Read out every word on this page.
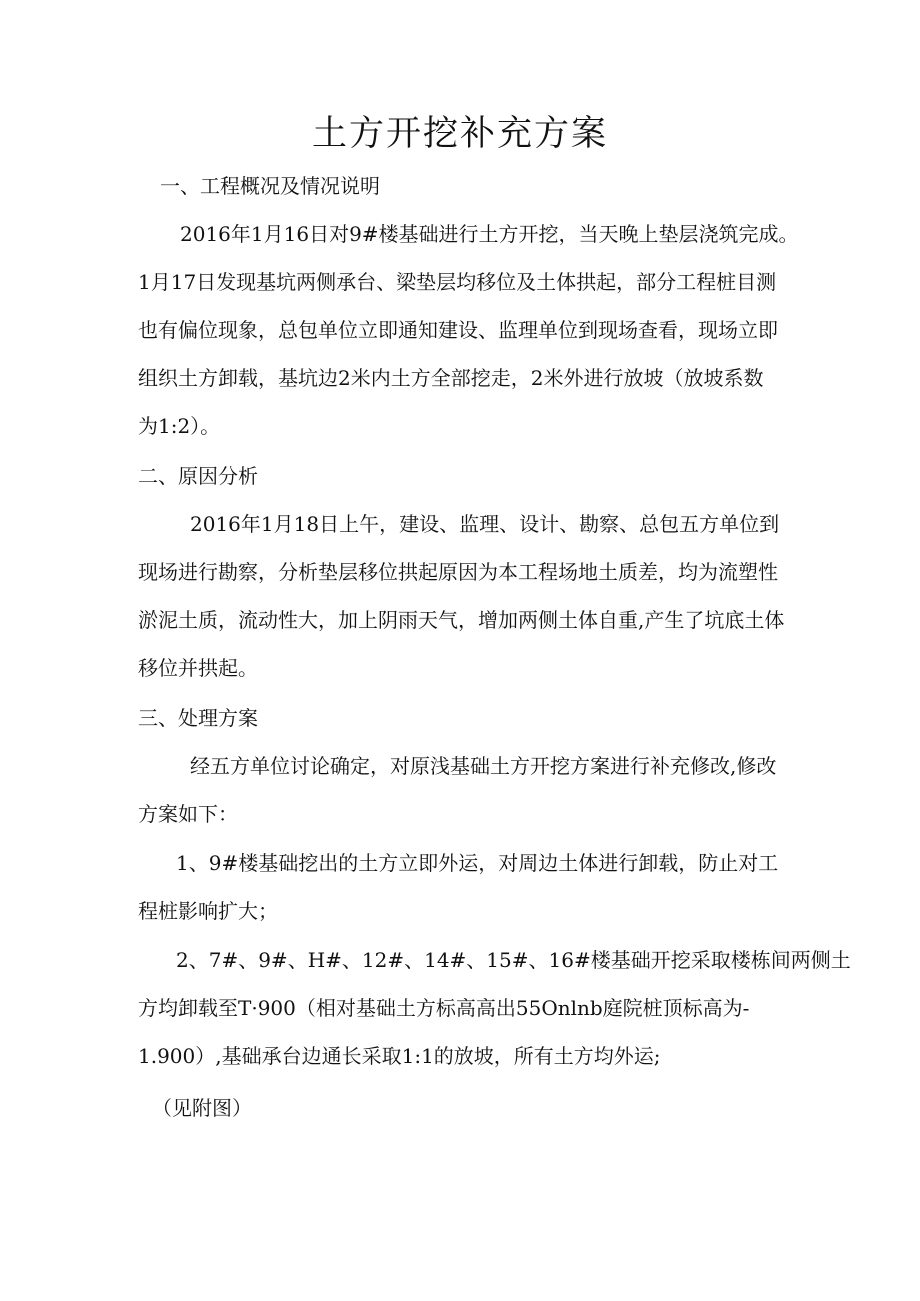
土方开挖补充方案
一、工程概况及情况说明
2016年1月16日对9#楼基础进行土方开挖，当天晚上垫层浇筑完成。
1月17日发现基坑两侧承台、梁垫层均移位及土体拱起，部分工程桩目测
也有偏位现象，总包单位立即通知建设、监理单位到现场查看，现场立即
组织土方卸载，基坑边2米内土方全部挖走，2米外进行放坡（放坡系数
为1:2）。
二、原因分析
2016年1月18日上午，建设、监理、设计、勘察、总包五方单位到
现场进行勘察，分析垫层移位拱起原因为本工程场地土质差，均为流塑性
淤泥土质，流动性大，加上阴雨天气，增加两侧土体自重,产生了坑底土体
移位并拱起。
三、处理方案
经五方单位讨论确定，对原浅基础土方开挖方案进行补充修改,修改
方案如下：
1、9#楼基础挖出的土方立即外运，对周边土体进行卸载，防止对工
程桩影响扩大；
2、7#、9#、H#、12#、14#、15#、16#楼基础开挖采取楼栋间两侧土
方均卸载至T·900（相对基础土方标高高出55Onlnb庭院桩顶标高为-
1.900）,基础承台边通长采取1:1的放坡，所有土方均外运;
（见附图）
